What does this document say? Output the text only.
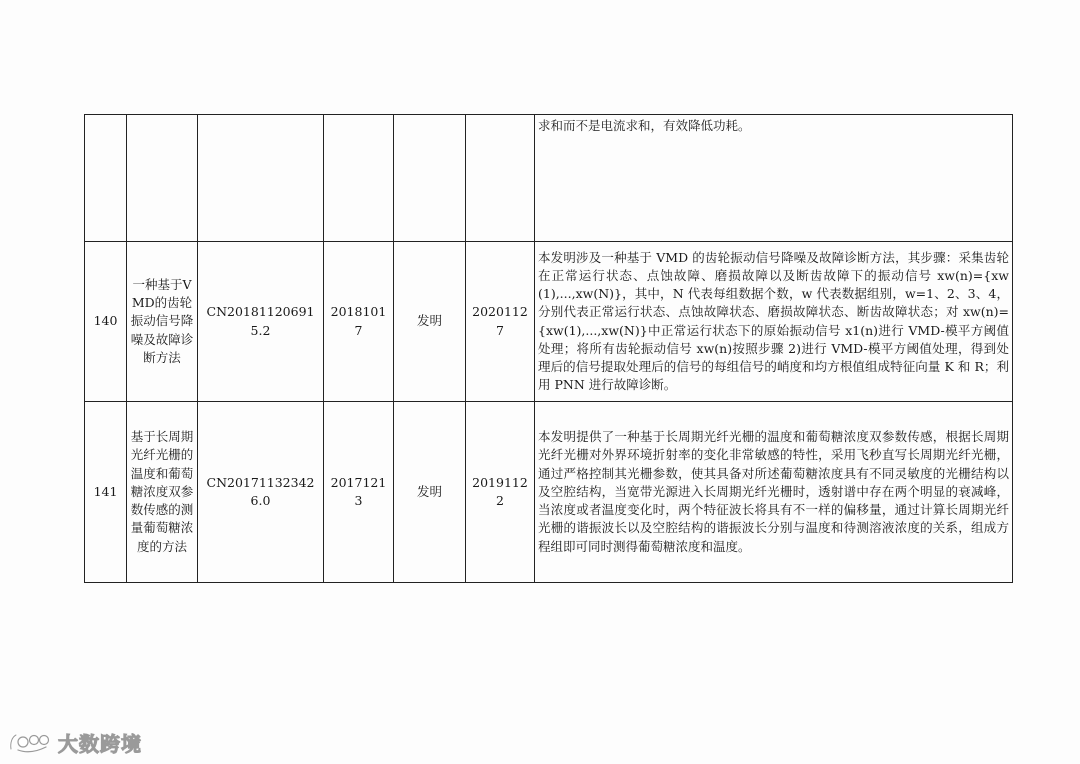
						求和而不是电流求和，有效降低功耗。
140	一种基于VMD的齿轮振动信号降噪及故障诊断方法	CN201811206915.2	20181017	发明	20201127	本发明涉及一种基于 VMD 的齿轮振动信号降噪及故障诊断方法，其步骤：采集齿轮在正常运行状态、点蚀故障、磨损故障以及断齿故障下的振动信号 xw(n)={xw(1),...,xw(N)}，其中，N 代表每组数据个数，w 代表数据组别，w=1、2、3、4，分别代表正常运行状态、点蚀故障状态、磨损故障状态、断齿故障状态；对 xw(n)={xw(1),...,xw(N)}中正常运行状态下的原始振动信号 x1(n)进行 VMD-模平方阈值处理；将所有齿轮振动信号 xw(n)按照步骤 2)进行 VMD-模平方阈值处理，得到处理后的信号提取处理后的信号的每组信号的峭度和均方根值组成特征向量 K 和 R；利用 PNN 进行故障诊断。
141	基于长周期光纤光栅的温度和葡萄糖浓度双参数传感的测量葡萄糖浓度的方法	CN201711323426.0	20171213	发明	20191122	本发明提供了一种基于长周期光纤光栅的温度和葡萄糖浓度双参数传感，根据长周期光纤光栅对外界环境折射率的变化非常敏感的特性，采用飞秒直写长周期光纤光栅，通过严格控制其光栅参数，使其具备对所述葡萄糖浓度具有不同灵敏度的光栅结构以及空腔结构，当宽带光源进入长周期光纤光栅时，透射谱中存在两个明显的衰减峰，当浓度或者温度变化时，两个特征波长将具有不一样的偏移量，通过计算长周期光纤光栅的谐振波长以及空腔结构的谐振波长分别与温度和待测溶液浓度的关系，组成方程组即可同时测得葡萄糖浓度和温度。
大数跨境
